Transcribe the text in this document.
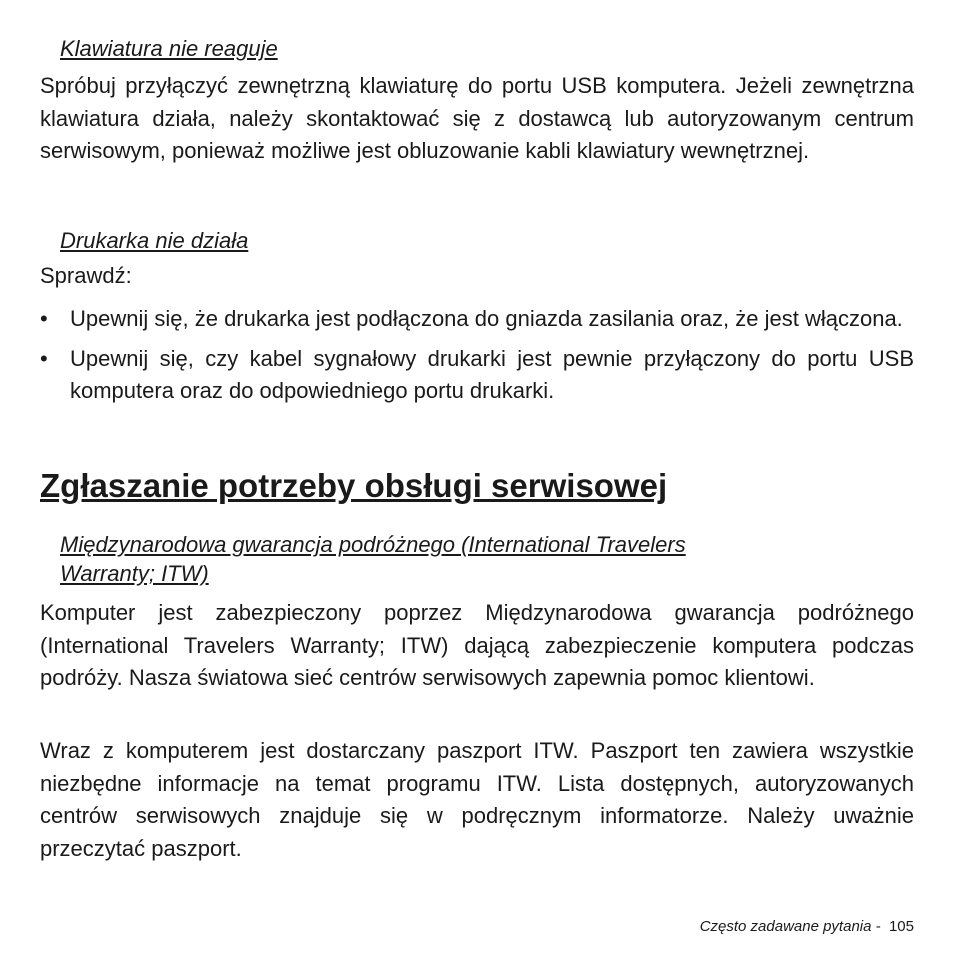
Klawiatura nie reaguje

Spróbuj przyłączyć zewnętrzną klawiaturę do portu USB komputera. Jeżeli zewnętrzna klawiatura działa, należy skontaktować się z dostawcą lub autoryzowanym centrum serwisowym, ponieważ możliwe jest obluzowanie kabli klawiatury wewnętrznej.

Drukarka nie działa

Sprawdź:

•	Upewnij się, że drukarka jest podłączona do gniazda zasilania oraz, że jest włączona.
•	Upewnij się, czy kabel sygnałowy drukarki jest pewnie przyłączony do portu USB komputera oraz do odpowiedniego portu drukarki.
Zgłaszanie potrzeby obsługi serwisowej
Międzynarodowa gwarancja podróżnego (International Travelers
Warranty; ITW)

Komputer jest zabezpieczony poprzez Międzynarodowa gwarancja podróżnego (International Travelers Warranty; ITW) dającą zabezpieczenie komputera podczas podróży. Nasza światowa sieć centrów serwisowych zapewnia pomoc klientowi.

Wraz z komputerem jest dostarczany paszport ITW. Paszport ten zawiera wszystkie niezbędne informacje na temat programu ITW. Lista dostępnych, autoryzowanych centrów serwisowych znajduje się w podręcznym informatorze. Należy uważnie przeczytać paszport.

Często zadawane pytania -  105
